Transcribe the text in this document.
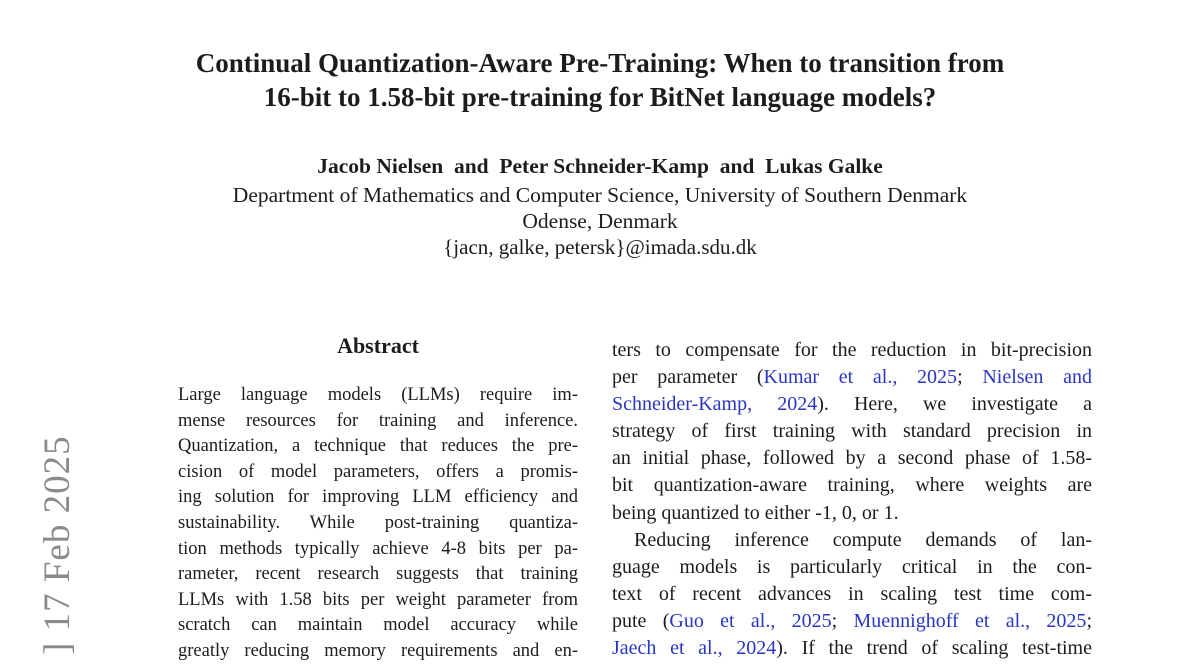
] 17 Feb 2025
Continual Quantization-Aware Pre-Training: When to transition from
16-bit to 1.58-bit pre-training for BitNet language models?
Jacob Nielsen  and  Peter Schneider-Kamp  and  Lukas Galke
Department of Mathematics and Computer Science, University of Southern Denmark
Odense, Denmark
{jacn, galke, petersk}@imada.sdu.dk
Abstract
Large language models (LLMs) require im-
mense resources for training and inference.
Quantization, a technique that reduces the pre-
cision of model parameters, offers a promis-
ing solution for improving LLM efficiency and
sustainability. While post-training quantiza-
tion methods typically achieve 4-8 bits per pa-
rameter, recent research suggests that training
LLMs with 1.58 bits per weight parameter from
scratch can maintain model accuracy while
greatly reducing memory requirements and en-
ters to compensate for the reduction in bit-precision
per parameter (Kumar et al., 2025; Nielsen and
Schneider-Kamp, 2024). Here, we investigate a
strategy of first training with standard precision in
an initial phase, followed by a second phase of 1.58-
bit quantization-aware training, where weights are
being quantized to either -1, 0, or 1.
Reducing inference compute demands of lan-
guage models is particularly critical in the con-
text of recent advances in scaling test time com-
pute (Guo et al., 2025; Muennighoff et al., 2025;
Jaech et al., 2024). If the trend of scaling test-time
